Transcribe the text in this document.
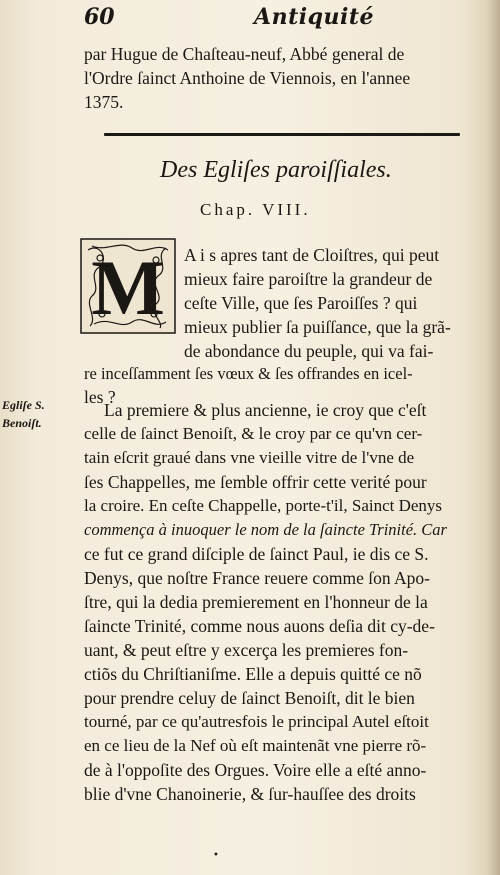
60	Antiquité
par Hugue de Chaſteau-neuf, Abbé general de
l'Ordre ſainct Anthoine de Viennois, en l'annee
1375.
Des Egliſes paroiſſiales.
Chap. VIII.
M A i s apres tant de Cloiſtres, qui peut
mieux faire paroiſtre la grandeur de
ceſte Ville, que ſes Paroiſſes ? qui
mieux publier ſa puiſſance, que la grã-
de abondance du peuple, qui va fai-
re inceſſamment ſes vœux & ſes offrandes en icel-
les ?
Egliſe S.
Benoiſt.
La premiere & plus ancienne, ie croy que c'eſt
celle de ſainct Benoiſt, & le croy par ce qu'vn cer-
tain eſcrit graué dans vne vieille vitre de l'vne de
ſes Chappelles, me ſemble offrir cette verité pour
la croire. En ceſte Chappelle, porte-t'il, Sainct Denys
commença à inuoquer le nom de la ſaincte Trinité. Car
ce fut ce grand diſciple de ſainct Paul, ie dis ce S.
Denys, que noſtre France reuere comme ſon Apo-
ſtre, qui la dedia premierement en l'honneur de la
ſaincte Trinité, comme nous auons deſia dit cy-de-
uant, & peut eſtre y excerça les premieres fon-
ctiõs du Chriſtianiſme. Elle a depuis quitté ce nõ
pour prendre celuy de ſainct Benoiſt, dit le bien
tourné, par ce qu'autresfois le principal Autel eſtoit
en ce lieu de la Nef où eſt maintenãt vne pierre rõ-
de à l'oppoſite des Orgues. Voire elle a eſté anno-
blie d'vne Chanoinerie, & ſur-hauſſee des droits
•
